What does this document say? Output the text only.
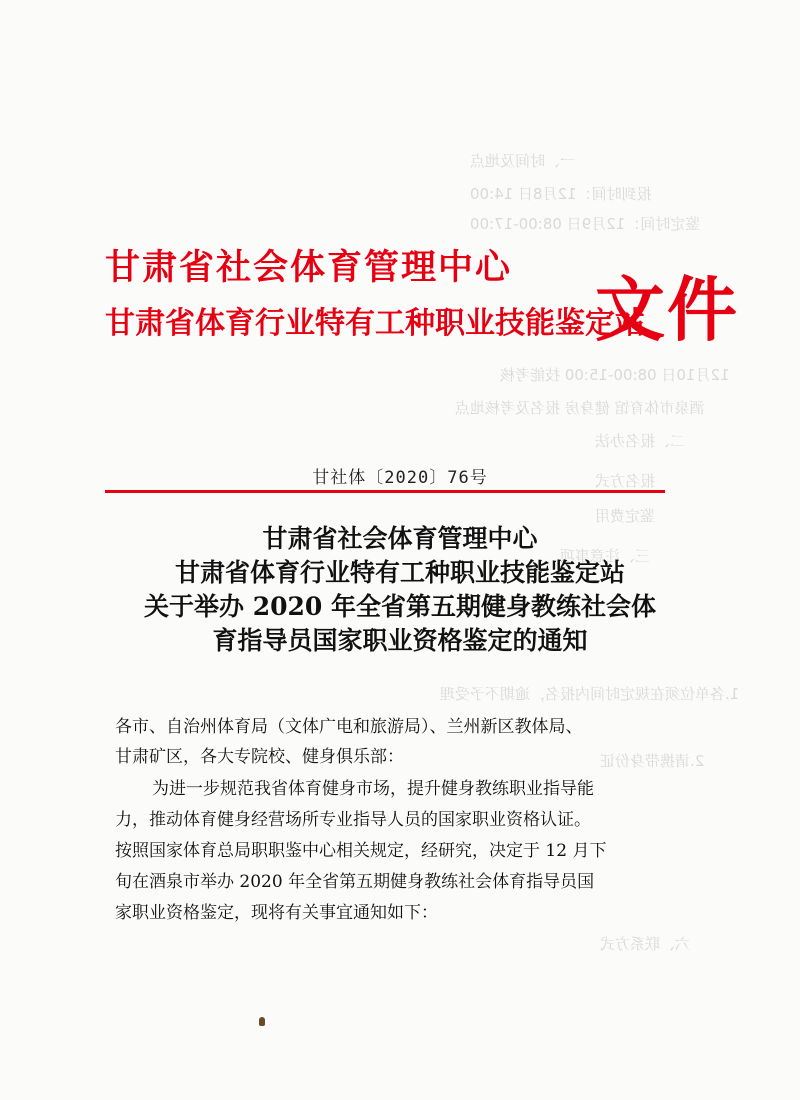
一、时间及地点
报到时间：12月8日 14:00
鉴定时间：12月9日 08:00-17:00
12月10日 08:00-15:00 技能考核
酒泉市体育馆 健身房 报名及考核地点
二、报名办法
报名方式
鉴定费用
三、注意事项
1.各单位须在规定时间内报名，逾期不予受理
2.请携带身份证
六、联系方式
甘肃省社会体育管理中心
甘肃省体育行业特有工种职业技能鉴定站
文件
甘社体〔2020〕76号
甘肃省社会体育管理中心
甘肃省体育行业特有工种职业技能鉴定站
关于举办 2020 年全省第五期健身教练社会体
育指导员国家职业资格鉴定的通知
各市、自治州体育局（文体广电和旅游局）、兰州新区教体局、
甘肃矿区，各大专院校、健身俱乐部：
为进一步规范我省体育健身市场，提升健身教练职业指导能
力，推动体育健身经营场所专业指导人员的国家职业资格认证。
按照国家体育总局职职鉴中心相关规定，经研究，决定于 12 月下
旬在酒泉市举办 2020 年全省第五期健身教练社会体育指导员国
家职业资格鉴定，现将有关事宜通知如下：
